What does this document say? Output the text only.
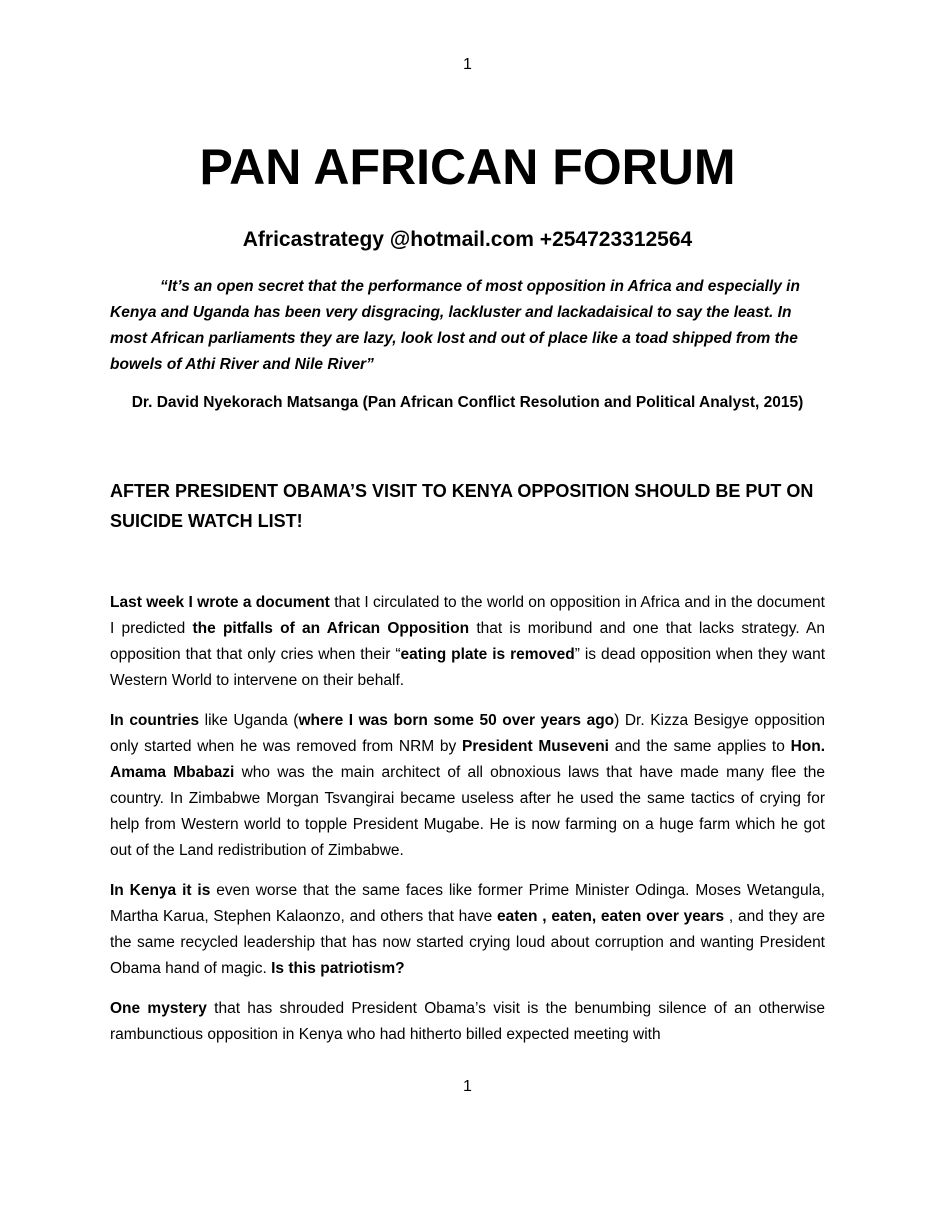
1
PAN AFRICAN FORUM
Africastrategy @hotmail.com +254723312564
“It’s an open secret that the performance of most opposition in Africa and especially in Kenya and Uganda has been very disgracing, lackluster and lackadaisical to say the least. In most African parliaments they are lazy, look lost and out of place like a toad shipped from the bowels of Athi River and Nile River”
Dr. David Nyekorach Matsanga (Pan African Conflict Resolution and Political Analyst, 2015)
AFTER PRESIDENT OBAMA’S VISIT TO KENYA OPPOSITION SHOULD BE PUT ON SUICIDE WATCH LIST!

Last week I wrote a document that I circulated to the world on opposition in Africa and in the document I predicted the pitfalls of an African Opposition that is moribund and one that lacks strategy. An opposition that that only cries when their “eating plate is removed” is dead opposition when they want Western World to intervene on their behalf.

In countries like Uganda (where I was born some 50 over years ago) Dr. Kizza Besigye opposition only started when he was removed from NRM by President Museveni and the same applies to Hon. Amama Mbabazi who was the main architect of all obnoxious laws that have made many flee the country. In Zimbabwe Morgan Tsvangirai became useless after he used the same tactics of crying for help from Western world to topple President Mugabe. He is now farming on a huge farm which he got out of the Land redistribution of Zimbabwe.

In Kenya it is even worse that the same faces like former Prime Minister Odinga. Moses Wetangula, Martha Karua, Stephen Kalaonzo, and others that have eaten , eaten, eaten over years , and they are the same recycled leadership that has now started crying loud about corruption and wanting President Obama hand of magic. Is this patriotism?

One mystery that has shrouded President Obama’s visit is the benumbing silence of an otherwise rambunctious opposition in Kenya who had hitherto billed expected meeting with

1
